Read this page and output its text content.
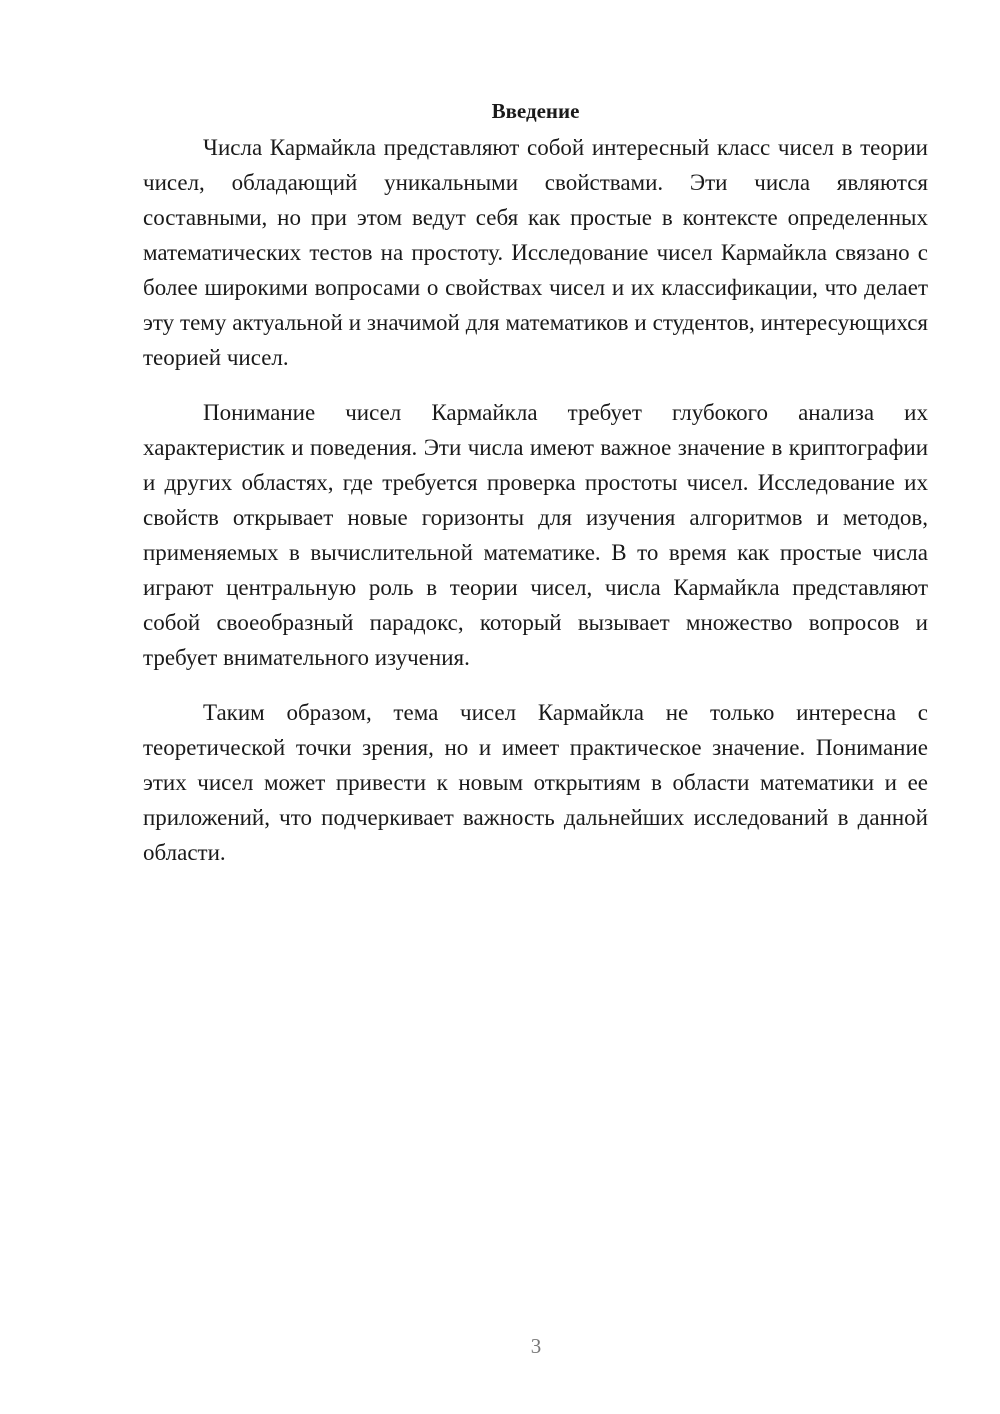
Введение

Числа Кармайкла представляют собой интересный класс чисел в теории чисел, обладающий уникальными свойствами. Эти числа являются составными, но при этом ведут себя как простые в контексте определенных математических тестов на простоту. Исследование чисел Кармайкла связано с более широкими вопросами о свойствах чисел и их классификации, что делает эту тему актуальной и значимой для математиков и студентов, интересующихся теорией чисел.

Понимание чисел Кармайкла требует глубокого анализа их характеристик и поведения. Эти числа имеют важное значение в криптографии и других областях, где требуется проверка простоты чисел. Исследование их свойств открывает новые горизонты для изучения алгоритмов и методов, применяемых в вычислительной математике. В то время как простые числа играют центральную роль в теории чисел, числа Кармайкла представляют собой своеобразный парадокс, который вызывает множество вопросов и требует внимательного изучения.

Таким образом, тема чисел Кармайкла не только интересна с теоретической точки зрения, но и имеет практическое значение. Понимание этих чисел может привести к новым открытиям в области математики и ее приложений, что подчеркивает важность дальнейших исследований в данной области.

3
